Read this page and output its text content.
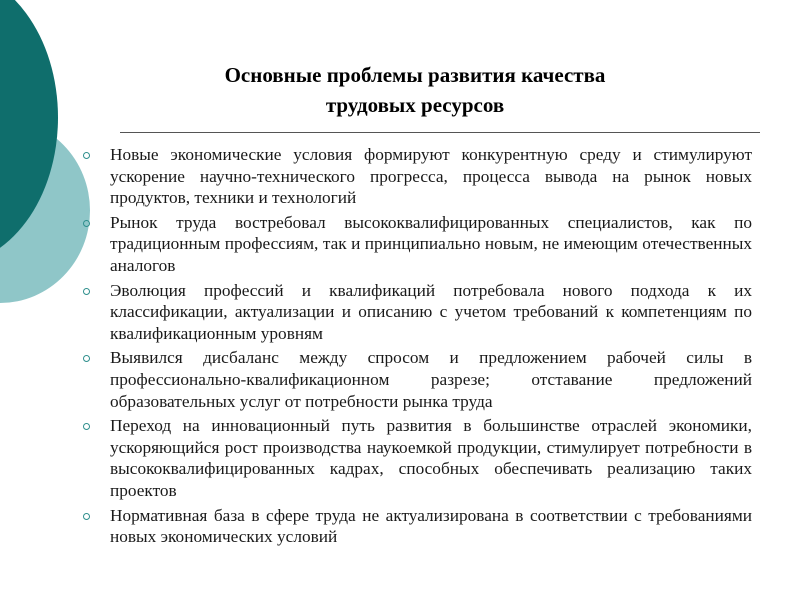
Основные проблемы развития качества
трудовых ресурсов
Новые экономические условия формируют конкурентную среду и стимулируют ускорение научно-технического прогресса, процесса вывода на рынок новых продуктов, техники и технологий
Рынок труда востребовал высококвалифицированных специалистов, как по традиционным профессиям, так и принципиально новым, не имеющим отечественных аналогов
Эволюция профессий и квалификаций потребовала нового подхода к их классификации, актуализации и описанию с учетом требований к компетенциям по квалификационным уровням
Выявился дисбаланс между спросом и предложением рабочей силы в профессионально-квалификационном разрезе; отставание предложений образовательных услуг от потребности рынка труда
Переход на инновационный путь развития в большинстве отраслей экономики, ускоряющийся рост производства наукоемкой продукции, стимулирует потребности в высококвалифицированных кадрах, способных обеспечивать реализацию таких проектов
Нормативная база в сфере труда не актуализирована в соответствии с требованиями новых экономических условий
